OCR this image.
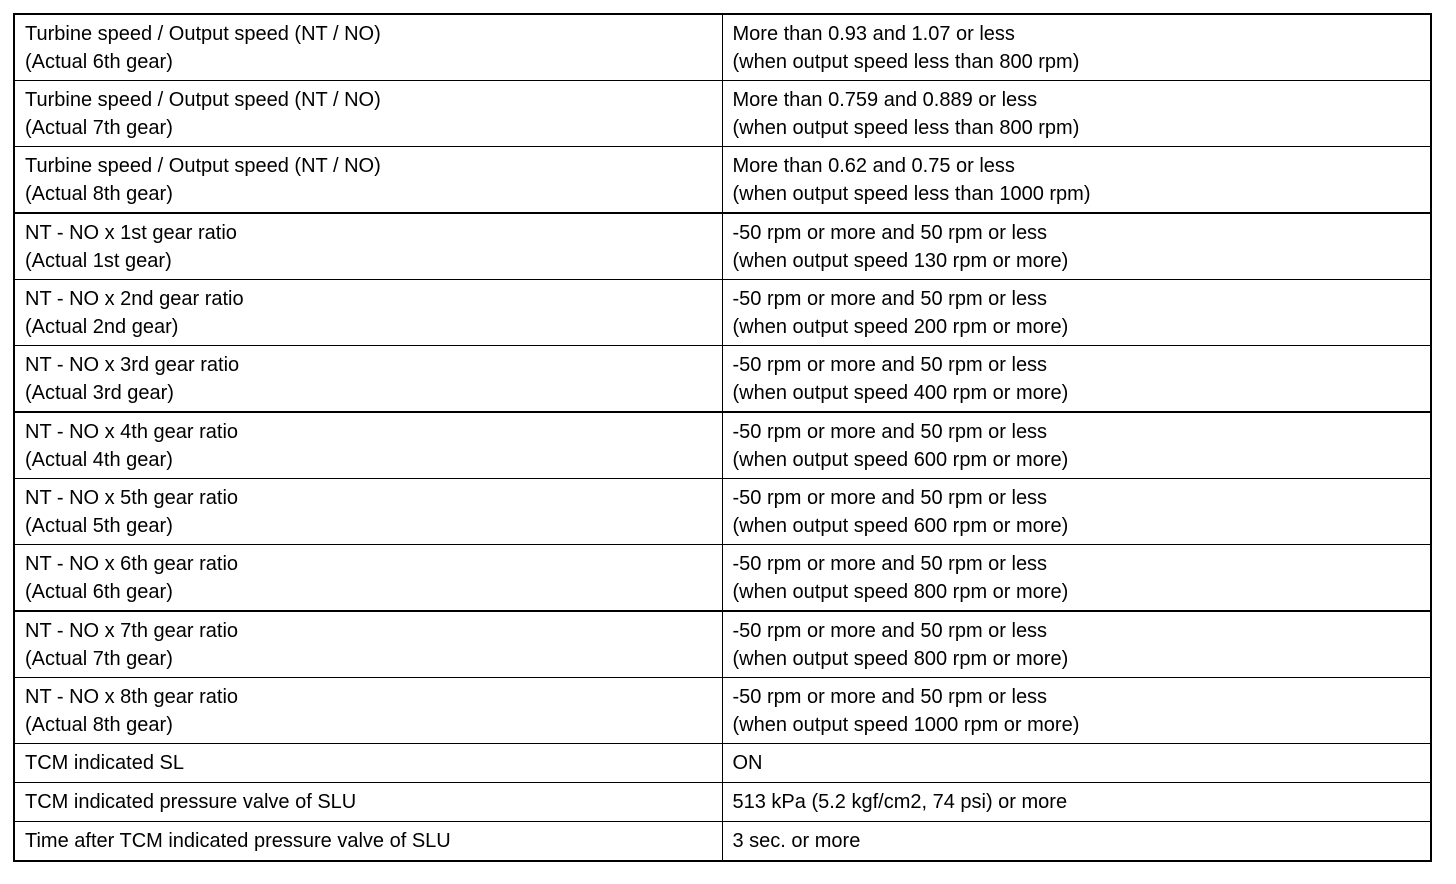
Turbine speed / Output speed (NT / NO)
(Actual 6th gear)	More than 0.93 and 1.07 or less
(when output speed less than 800 rpm)

Turbine speed / Output speed (NT / NO)
(Actual 7th gear)	More than 0.759 and 0.889 or less
(when output speed less than 800 rpm)

Turbine speed / Output speed (NT / NO)
(Actual 8th gear)	More than 0.62 and 0.75 or less
(when output speed less than 1000 rpm)

NT - NO x 1st gear ratio
(Actual 1st gear)	-50 rpm or more and 50 rpm or less
(when output speed 130 rpm or more)

NT - NO x 2nd gear ratio
(Actual 2nd gear)	-50 rpm or more and 50 rpm or less
(when output speed 200 rpm or more)

NT - NO x 3rd gear ratio
(Actual 3rd gear)	-50 rpm or more and 50 rpm or less
(when output speed 400 rpm or more)

NT - NO x 4th gear ratio
(Actual 4th gear)	-50 rpm or more and 50 rpm or less
(when output speed 600 rpm or more)

NT - NO x 5th gear ratio
(Actual 5th gear)	-50 rpm or more and 50 rpm or less
(when output speed 600 rpm or more)

NT - NO x 6th gear ratio
(Actual 6th gear)	-50 rpm or more and 50 rpm or less
(when output speed 800 rpm or more)

NT - NO x 7th gear ratio
(Actual 7th gear)	-50 rpm or more and 50 rpm or less
(when output speed 800 rpm or more)

NT - NO x 8th gear ratio
(Actual 8th gear)	-50 rpm or more and 50 rpm or less
(when output speed 1000 rpm or more)

TCM indicated SL	ON

TCM indicated pressure valve of SLU	513 kPa (5.2 kgf/cm2, 74 psi) or more

Time after TCM indicated pressure valve of SLU	3 sec. or more
